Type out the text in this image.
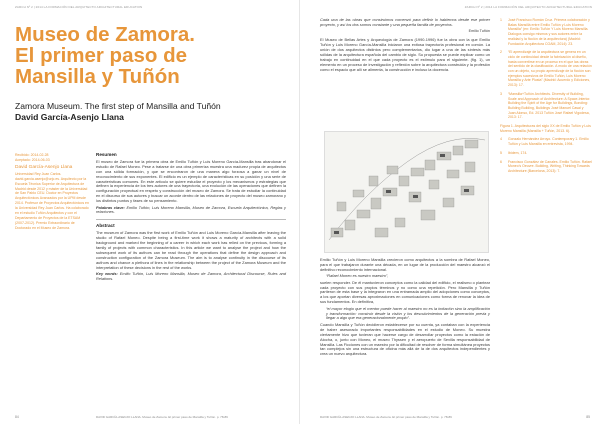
ZARCH Nº 2 | 2014 LA FORMACIÓN DEL ARQUITECTO ARCHITECTURAL EDUCATION
Museo de Zamora. El primer paso de Mansilla y Tuñón
Zamora Museum. The first step of Mansilla and Tuñón
David García-Asenjo Llana
Recibido: 2014-02-28
Aceptado: 2014-06-03
David García-Asenjo Llana
Universidad Rey Juan Carlos. david.garcia.asenjo@urjc.es. Arquitecto por la Escuela Técnica Superior de Arquitectura de Madrid desde 2012 y máster de la Universidad de San Pablo CEU. Doctor en Proyectos Arquitectónicos Avanzados por la UPM desde 2014. Profesor de Proyectos Arquitectónicos en la Universidad Rey Juan Carlos. Ha colaborado en el estudio Tuñón Arquitectos y con el Departamento de Proyectos de la ETSAM (2007-2012). Premio Extraordinario de Doctorado en el Museo de Zamora.
Resumen

El museo de Zamora fue la primera obra de Emilio Tuñón y Luis Moreno García-Mansilla tras abandonar el estudio de Rafael Moneo. Pese a tratarse de una obra primeriza muestra una madurez propia de arquitectos con una sólida formación, y que se encontraron de una manera algo forzosa a ganar un nivel de reconocimiento de sus exponentes. El edificio es un ejemplo de características en su posición y una serie de características comunes. En este artículo se quiere estudiar el proyecto y los mecanismos y estrategias que definen la experiencia de los tres autores de una trayectoria, una evolución de las operaciones que definen la configuración proyectual en respeto y construcción del museo de Zamora. Se trata de estudiar la continuidad en el discurso de sus autores y buscar un acorde dentro de las relaciones de proyecto del museo zamorano y los distintos puntos y fases de su pensamiento.

Palabras clave: Emilio Tuñón, Luis Moreno Mansilla, Museo de Zamora, Escuela Arquitectónica, Reglas y relaciones.

Abstract

The museum of Zamora was the first work of Emilio Tuñón and Luis Moreno García-Mansilla after leaving the studio of Rafael Moneo. Despite being a first-time work it shows a maturity of architects with a solid background and marked the beginning of a career in which each work has relied on the previous, forming a family of projects with common characteristics. In this article we want to analyse the project and how the subsequent work of its authors can be read through the operations that define the design approach and construction configuration of the Zamora Museum. The aim is to analyse continuity in the discourse of its authors and chance a plethora of lines in the relationship between the project of the Zamora Museum and the interpretation of these decisions in the rest of the works.

Key words: Emilio Tuñón, Luis Moreno Mansilla, Museo de Zamora, Architectural Discourse, Rules and Relations.

84	DAVID GARCÍA-ASENJO LLANA. Museo de Zamora. El primer paso de Mansilla y Tuñón. p. 78-89
ZARCH Nº 2 | 2014 LA FORMACIÓN DEL ARQUITECTO ARCHITECTURAL EDUCATION

Cada una de las obras que construimos comenzó para definir lo hablemos desde ese primer proyecto, y así los dos somos constante y una pequeña familia de proyectos.

Emilio Tuñón

El Museo de Bellas Artes y Arqueología de Zamora (1990-1996) fue la obra con la que Emilio Tuñón y Luis Moreno García-Mansilla iniciaron una exitosa trayectoria profesional en común. La unión de dos arquitectos distintos pero complementarios, dio lugar a una de las síntesis más sólidas de la arquitectura española del cambio de siglo. Su propuesta se puede explicar como un trabajo en continuidad en el que cada proyecto es el estímulo para el siguiente. (fig. 1), un elemento en un proceso de investigación y reflexión sobre la arquitectura construida y la profesión como el espacio que allí se alimenta, la construcción e incluso la docencia.

Emilio Tuñón y Luis Moreno Mansilla crecieron como arquitectos a la sombra de Rafael Moneo, para el que trabajaron durante una década, en un lugar de la producción del maestro alcanzó el definitivo reconocimiento internacional.

“Rafael Moneo es nuestro maestro”,

suelen responder. De él mantuvieron conceptos como la calidad del edificio, el realismo o plantear cada proyecto con sus propios términos y no como una repetición. Pero Mansilla y Tuñón partieron de esta base y la integraron en una entramada amplio del adopciones como conceptos, a los que aportan diversas aproximaciones en comunicaciones como forma de renovar la idea de sus fundamentos. En definitiva,

“el mayor elogio que el mentor puede hacer al maestro no es la imitación sino la amplificación y transformación: construir desde la visión y los descubrimientos de la generación previa y llegar a algo que era generacionalmente propio”.

Cuando Mansilla y Tuñón decidieron establecerse por su cuenta, ya contaban con la experiencia de haber asesorado importantes responsabilidades en el estudio de Moneo. Su muestra ciertamente hizo que tuvieran que hacerse cargo de desarrollar proyectos como la estación de Atocha, o, junto con Moneo, el museo Thyssen y el aeropuerto de Sevilla responsabilidad de Mansilla. Las Ficciones con un maestro por la dificultad de resolver de forma simultánea proyectos tan complejos sin una estructura de oficina más allá de la de dos arquitectos independientes y crea un nuevo arquitectura.

1	José Francisco Román Cruz. Primera colaboración y Balas Mansillá entre Emilio Tuñón y Luis Moreno Mansilla” (en: Emilio Tuñón Y Luis Moreno Mansilla. Dialogos consigo mismos y sus autores entre la realidad y la ficción de la arquitectura) (Madrid: Fundación Arquitectura COAM, 2014): 23.
2	“El aprendizaje de la arquitectura se genera en un ciclo de continuidad desde la fabricación al diseño, hasta convertirse en un proceso en el que las obras del sentido de la clasificación. A modo de una relación con un objeto, su propio aprendizaje de la ficción son ejemplos sucesivos de Emilio Tuñón, Luis Moreno Mansilla y Arte Plusta” (Madrid: Acuerdo y Ediciones, 2013): 17.
3	“Mansilla+Tuñón Architects. Diversity of Building, Scale and Approach of Architecture: A Space-Interior. Building the Spirit of the Age for Buildings, Bonding: Building Building, Buildings José Manuel Casal y Juan Alonso, Ed. 2013 Tuñón José Rafael Vigodesa, 2013: 17.
Figura 1. Arquitecturas del siglo XX de Emilio Tuñón y Luis Moreno Mansilla (Mansilla + Tuñón, 2013. 6).
4	Gonzalo Hernández Arroyo. Contemporary 1. Emilio Tuñón y Luis Mansilla en entrevista, 1994.
5	Ibidem, 174.
6	Francisco González de Canales. Emilio Tuñón. Rafael Moneo's Oeuvre. Building, Writing, Thinking Towards Architecture (Barcelona, 2013): 7.
DAVID GARCÍA-ASENJO LLANA. Museo de Zamora. El primer paso de Mansilla y Tuñón. p. 78-89	85
